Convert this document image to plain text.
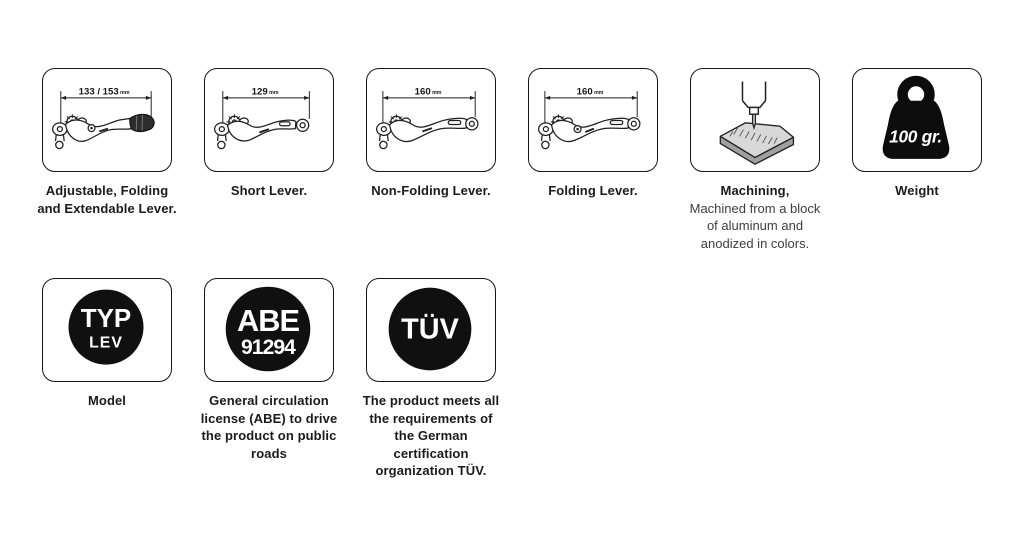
133 / 153mm
Adjustable, Folding
and Extendable Lever.
129mm
Short Lever.
160mm
Non-Folding Lever.
160mm
Folding Lever.	Machining,
Machined from a block
of aluminum and
anodized in colors.
100 gr.
Weight
TYP
LEV
Model
ABE
91294
General circulation
license (ABE) to drive
the product on public
roads
TÜV
The product meets all
the requirements of
the German
certification
organization TÜV.
